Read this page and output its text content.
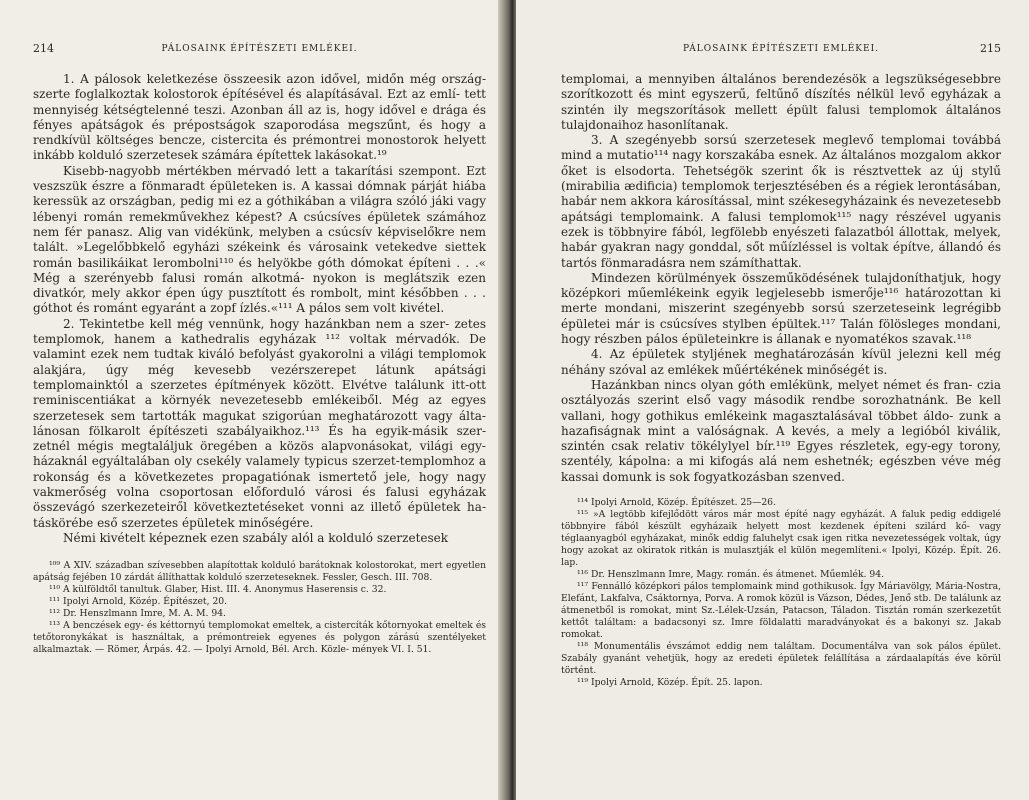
214	PÁLOSAINK ÉPÍTÉSZETI EMLÉKEI.

1. A pálosok keletkezése összeesik azon idővel, midőn még ország- szerte foglalkoztak kolostorok építésével és alapításával. Ezt az emlí- tett mennyiség kétségtelenné teszi. Azonban áll az is, hogy idővel e drága és fényes apátságok és prépostságok szaporodása megszűnt, és hogy a rendkívül költséges bencze, cistercita és prémontrei monostorok helyett inkább kolduló szerzetesek számára építettek lakásokat.¹⁹

Kisebb-nagyobb mértékben mérvadó lett a takarítási szempont. Ezt veszszük észre a fönmaradt épületeken is. A kassai dómnak párját hiába keressük az országban, pedig mi ez a góthikában a világra szóló jáki vagy lébenyi román remekművekhez képest? A csúcsíves épületek számához nem fér panasz. Alig van vidékünk, melyben a csúcsív képviselőkre nem talált. »Legelőbbkelő egyházi székeink és városaink vetekedve siettek román basilikáikat lerombolni¹¹⁰ és helyökbe góth dómokat építeni . . .« Még a szerényebb falusi román alkotmá- nyokon is meglátszik ezen divatkór, mely akkor épen úgy pusztított és rombolt, mint későbben . . . góthot és románt egyaránt a zopf ízlés.«¹¹¹ A pálos sem volt kivétel.

2. Tekintetbe kell még vennünk, hogy hazánkban nem a szer- zetes templomok, hanem a kathedralis egyházak ¹¹² voltak mérvadók. De valamint ezek nem tudtak kiváló befolyást gyakorolni a világi templomok alakjára, úgy még kevesebb vezérszerepet látunk apátsági templomainktól a szerzetes építmények között. Elvétve találunk itt-ott reminiscentiákat a környék nevezetesebb emlékeiből. Még az egyes szerzetesek sem tartották magukat szigorúan meghatározott vagy álta- lánosan fölkarolt építészeti szabályaikhoz.¹¹³ És ha egyik-másik szer- zetnél mégis megtaláljuk öregében a közös alapvonásokat, világi egy- házaknál egyáltalában oly csekély valamely typicus szerzet-templomhoz a rokonság és a következetes propagatiónak ismertető jele, hogy nagy vakmerőség volna csoportosan előforduló városi és falusi egyházak összevágó szerkezeteiről következtetéseket vonni az illető épületek ha- táskörébe eső szerzetes épületek minőségére.

Némi kivételt képeznek ezen szabály alól a kolduló szerzetesek

¹⁰⁹ A XIV. században szívesebben alapítottak kolduló barátoknak kolostorokat, mert egyetlen apátság fejében 10 zárdát állíthattak kolduló szerzeteseknek. Fessler, Gesch. III. 708.

¹¹⁰ A külföldtől tanultuk. Glaber, Hist. III. 4. Anonymus Haserensis c. 32.

¹¹¹ Ipolyi Arnold, Közép. Építészet, 20.

¹¹² Dr. Henszlmann Imre, M. A. M. 94.

¹¹³ A benczések egy- és kéttornyú templomokat emeltek, a cistercíták kőtornyokat emeltek és tetőtoronykákat is használtak, a prémontreiek egyenes és polygon zárású szentélyeket alkalmaztak. — Römer, Árpás. 42. — Ipolyi Arnold, Bél. Arch. Közle- mények VI. I. 51.

PÁLOSAINK ÉPÍTÉSZETI EMLÉKEI.	215

templomai, a mennyiben általános berendezésök a legszükségesebbre szorítkozott és mint egyszerű, feltűnő díszítés nélkül levő egyházak a szintén ily megszorítások mellett épült falusi templomok általános tulajdonaihoz hasonlítanak.

3. A szegényebb sorsú szerzetesek meglevő templomai továbbá mind a mutatio¹¹⁴ nagy korszakába esnek. Az általános mozgalom akkor őket is elsodorta. Tehetségök szerint ők is résztvettek az új stylű (mirabilia ædificia) templomok terjesztésében és a régiek lerontásában, habár nem akkora károsítással, mint székesegyházaink és nevezetesebb apátsági templomaink. A falusi templomok¹¹⁵ nagy részével ugyanis ezek is többnyire fából, legfölebb enyészeti falazatból állottak, melyek, habár gyakran nagy gonddal, sőt műízléssel is voltak építve, állandó és tartós fönmaradásra nem számíthattak.

Mindezen körülmények összeműködésének tulajdoníthatjuk, hogy középkori műemlékeink egyik legjelesebb ismerője¹¹⁶ határozottan ki merte mondani, miszerint szegényebb sorsú szerzeteseink legrégibb épületei már is csúcsíves stylben épültek.¹¹⁷ Talán fölösleges mondani, hogy részben pálos épületeinkre is állanak e nyomatékos szavak.¹¹⁸

4. Az épületek styljének meghatározásán kívül jelezni kell még néhány szóval az emlékek műértékének minőségét is.

Hazánkban nincs olyan góth emlékünk, melyet német és fran- czia osztályozás szerint első vagy második rendbe sorozhatnánk. Be kell vallani, hogy gothikus emlékeink magasztalásával többet áldo- zunk a hazafiságnak mint a valóságnak. A kevés, a mely a legióból kiválik, szintén csak relativ tökélylyel bír.¹¹⁹ Egyes részletek, egy-egy torony, szentély, kápolna: a mi kifogás alá nem eshetnék; egészben véve még kassai domunk is sok fogyatkozásban szenved.

¹¹⁴ Ipolyi Arnold, Közép. Építészet. 25—26.

¹¹⁵ »A legtöbb kifejlődött város már most építé nagy egyházát. A faluk pedig eddigelé többnyire fából készült egyházaik helyett most kezdenek építeni szilárd kő- vagy téglaanyagból egyházakat, minők eddig faluhelyt csak igen ritka nevezetességek voltak, úgy hogy azokat az okiratok ritkán is mulasztják el külön megemlíteni.« Ipolyi, Közép. Épít. 26. lap.

¹¹⁶ Dr. Henszlmann Imre, Magy. román. és átmenet. Műemlék. 94.

¹¹⁷ Fennálló középkori pálos templomaink mind gothikusok. Így Máriavölgy, Mária-Nostra, Elefánt, Lakfalva, Csáktornya, Porva. A romok közül is Vázson, Dédes, Jenő stb. De találunk az átmenetből is romokat, mint Sz.-Lélek-Uzsán, Patacson, Táladon. Tisztán román szerkezetűt kettőt találtam: a badacsonyi sz. Imre földalatti maradványokat és a bakonyi sz. Jakab romokat.

¹¹⁸ Monumentális évszámot eddig nem találtam. Documentálva van sok pálos épület. Szabály gyanánt vehetjük, hogy az eredeti épületek felállítása a zárdaalapítás éve körül történt.

¹¹⁹ Ipolyi Arnold, Közép. Épít. 25. lapon.
